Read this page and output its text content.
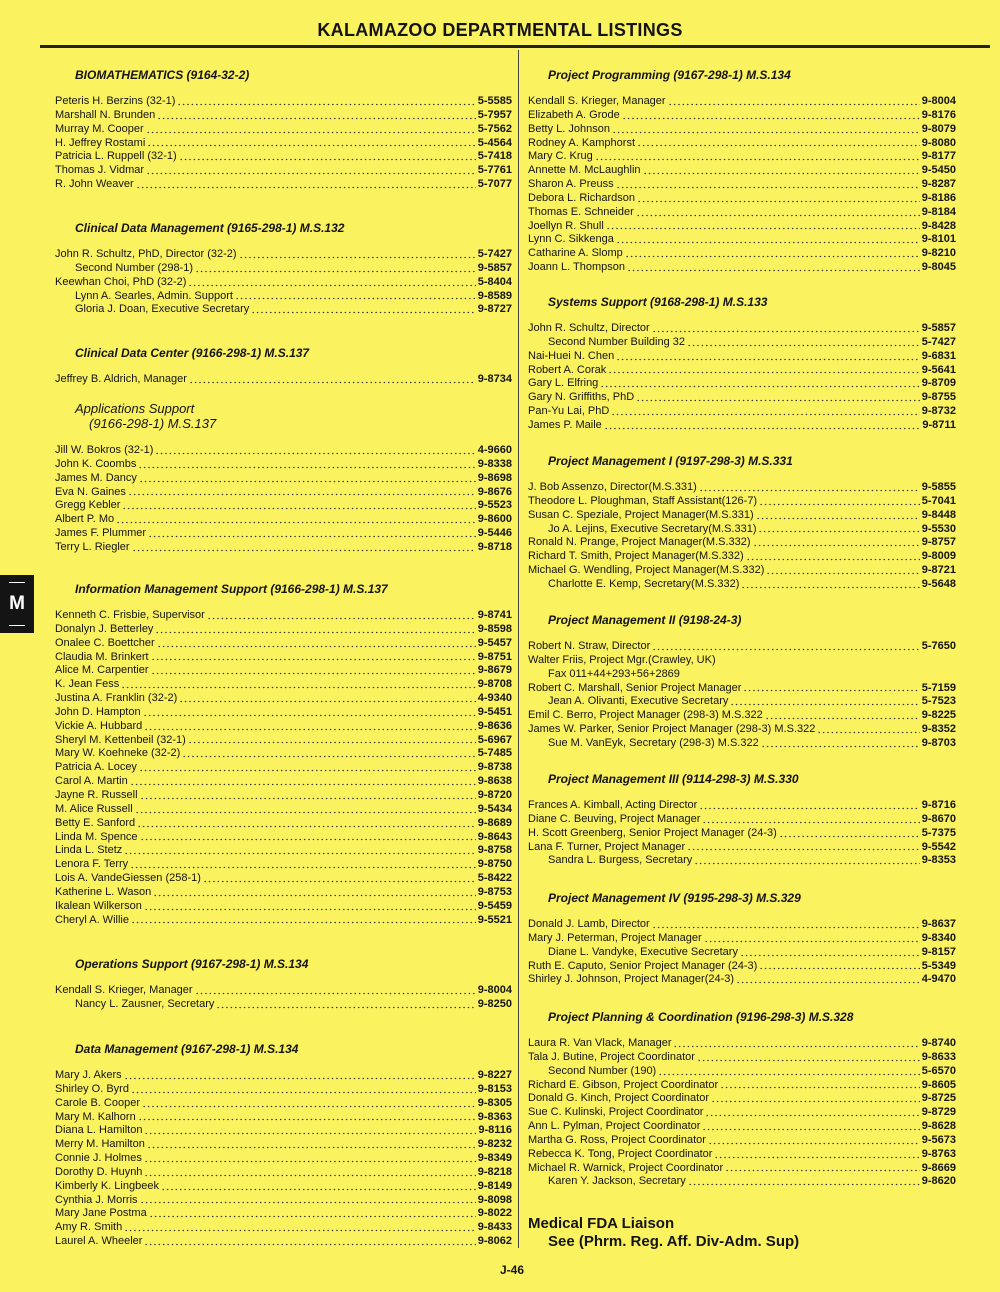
KALAMAZOO DEPARTMENTAL LISTINGS
M
BIOMATHEMATICS (9164-32-2)
Peteris H. Berzins (32-1)	5-5585
Marshall N. Brunden	5-7957
Murray M. Cooper	5-7562
H. Jeffrey Rostami	5-4564
Patricia L. Ruppell (32-1)	5-7418
Thomas J. Vidmar	5-7761
R. John Weaver	5-7077
Clinical Data Management (9165-298-1) M.S.132
John R. Schultz, PhD, Director (32-2)	5-7427
Second Number (298-1)	9-5857
Keewhan Choi, PhD (32-2)	5-8404
Lynn A. Searles, Admin. Support	9-8589
Gloria J. Doan, Executive Secretary	9-8727
Clinical Data Center (9166-298-1) M.S.137
Jeffrey B. Aldrich, Manager	9-8734
Applications Support
(9166-298-1) M.S.137
Jill W. Bokros (32-1)	4-9660
John K. Coombs	9-8338
James M. Dancy	9-8698
Eva N. Gaines	9-8676
Gregg Kebler	9-5523
Albert P. Mo	9-8600
James F. Plummer	9-5446
Terry L. Riegler	9-8718
Information Management Support (9166-298-1) M.S.137
Kenneth C. Frisbie, Supervisor	9-8741
Donalyn J. Betterley	9-8598
Onalee C. Boettcher	9-5457
Claudia M. Brinkert	9-8751
Alice M. Carpentier	9-8679
K. Jean Fess	9-8708
Justina A. Franklin (32-2)	4-9340
John D. Hampton	9-5451
Vickie A. Hubbard	9-8636
Sheryl M. Kettenbeil (32-1)	5-6967
Mary W. Koehneke (32-2)	5-7485
Patricia A. Locey	9-8738
Carol A. Martin	9-8638
Jayne R. Russell	9-8720
M. Alice Russell	9-5434
Betty E. Sanford	9-8689
Linda M. Spence	9-8643
Linda L. Stetz	9-8758
Lenora F. Terry	9-8750
Lois A. VandeGiessen (258-1)	5-8422
Katherine L. Wason	9-8753
Ikalean Wilkerson	9-5459
Cheryl A. Willie	9-5521
Operations Support (9167-298-1) M.S.134
Kendall S. Krieger, Manager	9-8004
Nancy L. Zausner, Secretary	9-8250
Data Management (9167-298-1) M.S.134
Mary J. Akers	9-8227
Shirley O. Byrd	9-8153
Carole B. Cooper	9-8305
Mary M. Kalhorn	9-8363
Diana L. Hamilton	9-8116
Merry M. Hamilton	9-8232
Connie J. Holmes	9-8349
Dorothy D. Huynh	9-8218
Kimberly K. Lingbeek	9-8149
Cynthia J. Morris	9-8098
Mary Jane Postma	9-8022
Amy R. Smith	9-8433
Laurel A. Wheeler	9-8062
Project Programming (9167-298-1) M.S.134
Kendall S. Krieger, Manager	9-8004
Elizabeth A. Grode	9-8176
Betty L. Johnson	9-8079
Rodney A. Kamphorst	9-8080
Mary C. Krug	9-8177
Annette M. McLaughlin	9-5450
Sharon A. Preuss	9-8287
Debora L. Richardson	9-8186
Thomas E. Schneider	9-8184
Joellyn R. Shull	9-8428
Lynn C. Sikkenga	9-8101
Catharine A. Slomp	9-8210
Joann L. Thompson	9-8045
Systems Support (9168-298-1) M.S.133
John R. Schultz, Director	9-5857
Second Number Building 32	5-7427
Nai-Huei N. Chen	9-6831
Robert A. Corak	9-5641
Gary L. Elfring	9-8709
Gary N. Griffiths, PhD	9-8755
Pan-Yu Lai, PhD	9-8732
James P. Maile	9-8711
Project Management I (9197-298-3) M.S.331
J. Bob Assenzo, Director(M.S.331)	9-5855
Theodore L. Ploughman, Staff Assistant(126-7)	5-7041
Susan C. Speziale, Project Manager(M.S.331)	9-8448
Jo A. Lejins, Executive Secretary(M.S.331)	9-5530
Ronald N. Prange, Project Manager(M.S.332)	9-8757
Richard T. Smith, Project Manager(M.S.332)	9-8009
Michael G. Wendling, Project Manager(M.S.332)	9-8721
Charlotte E. Kemp, Secretary(M.S.332)	9-5648
Project Management II (9198-24-3)
Robert N. Straw, Director	5-7650
Walter Friis, Project Mgr.(Crawley, UK)
Fax 011+44+293+56+2869
Robert C. Marshall, Senior Project Manager	5-7159
Jean A. Olivanti, Executive Secretary	5-7523
Emil C. Berro, Project Manager (298-3) M.S.322	9-8225
James W. Parker, Senior Project Manager (298-3) M.S.322	9-8352
Sue M. VanEyk, Secretary (298-3) M.S.322	9-8703
Project Management III (9114-298-3) M.S.330
Frances A. Kimball, Acting Director	9-8716
Diane C. Beuving, Project Manager	9-8670
H. Scott Greenberg, Senior Project Manager (24-3)	5-7375
Lana F. Turner, Project Manager	9-5542
Sandra L. Burgess, Secretary	9-8353
Project Management IV (9195-298-3) M.S.329
Donald J. Lamb, Director	9-8637
Mary J. Peterman, Project Manager	9-8340
Diane L. Vandyke, Executive Secretary	9-8157
Ruth E. Caputo, Senior Project Manager (24-3)	5-5349
Shirley J. Johnson, Project Manager(24-3)	4-9470
Project Planning & Coordination (9196-298-3) M.S.328
Laura R. Van Vlack, Manager	9-8740
Tala J. Butine, Project Coordinator	9-8633
Second Number (190)	5-6570
Richard E. Gibson, Project Coordinator	9-8605
Donald G. Kinch, Project Coordinator	9-8725
Sue C. Kulinski, Project Coordinator	9-8729
Ann L. Pylman, Project Coordinator	9-8628
Martha G. Ross, Project Coordinator	9-5673
Rebecca K. Tong, Project Coordinator	9-8763
Michael R. Warnick, Project Coordinator	9-8669
Karen Y. Jackson, Secretary	9-8620
Medical FDA Liaison
See (Phrm. Reg. Aff. Div-Adm. Sup)
J-46
